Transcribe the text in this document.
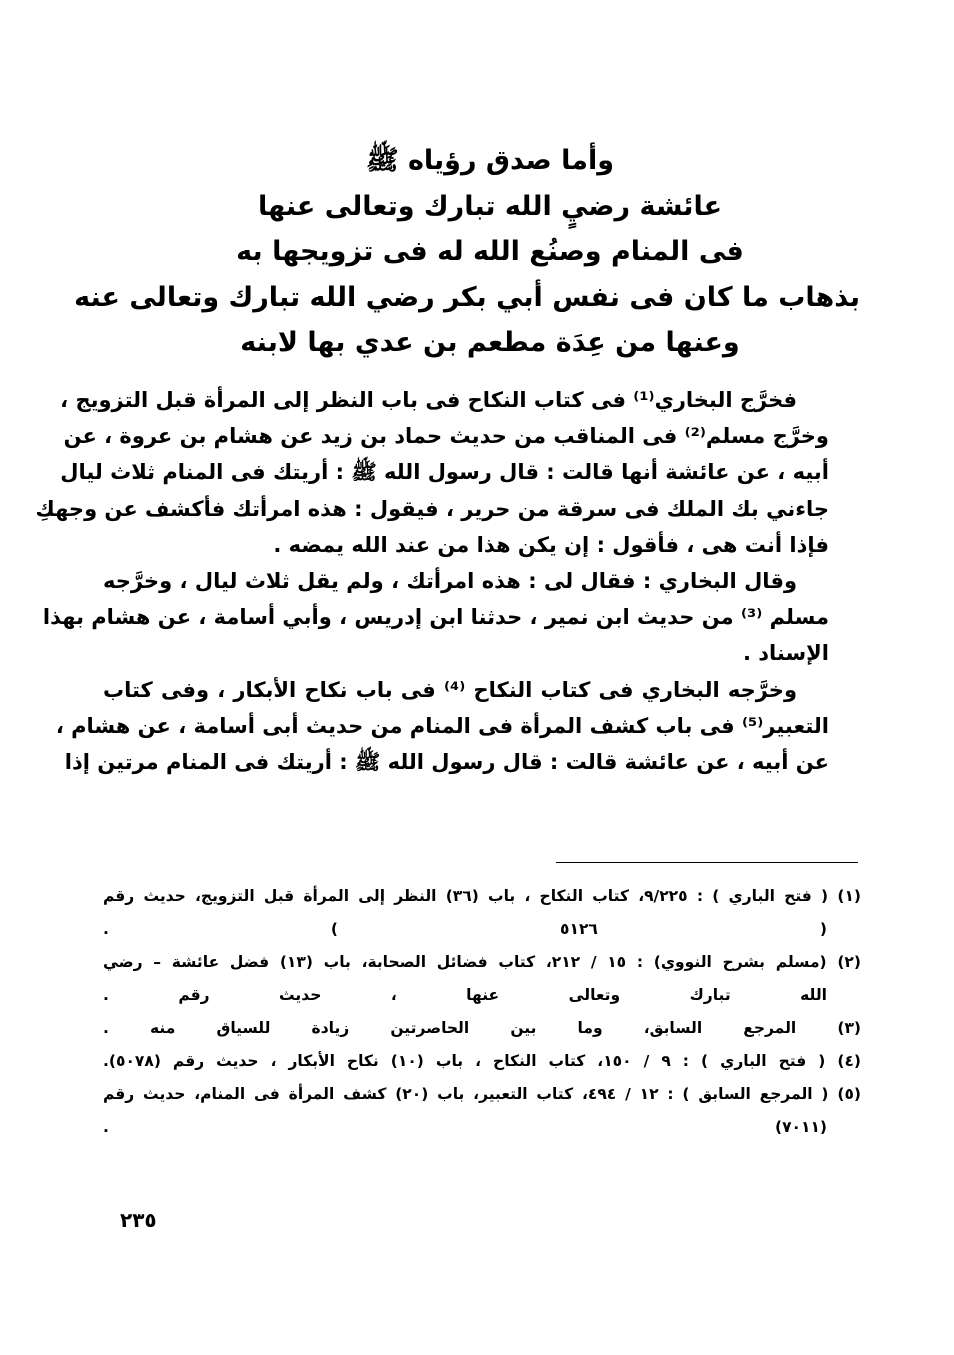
وأما صدق رؤياه ﷺ
عائشة رضيٍ الله تبارك وتعالى عنها
فى المنام وصنُع الله له فى تزويجها به
بذهاب ما كان فى نفس أبي بكر رضي الله تبارك وتعالى عنه
وعنها من عِدَة مطعم بن عدي بها لابنه

فخرَّج البخاري⁽¹⁾ فى كتاب النكاح فى باب النظر إلى المرأة قبل التزويج ،
وخرَّج مسلم⁽²⁾ فى المناقب من حديث حماد بن زيد عن هشام بن عروة ، عن
أبيه ، عن عائشة أنها قالت : قال رسول الله ﷺ : أريتك فى المنام ثلاث ليال
جاءني بك الملك فى سرقة من حرير ، فيقول : هذه امرأتك فأكشف عن وجهكِ
فإذا أنت هى ، فأقول : إن يكن هذا من عند الله يمضه .

وقال البخاري : فقال لى : هذه امرأتك ، ولم يقل ثلاث ليال ، وخرَّجه
مسلم ⁽³⁾ من حديث ابن نمير ، حدثنا ابن إدريس ، وأبي أسامة ، عن هشام بهذا
الإسناد .

وخرَّجه البخاري فى كتاب النكاح ⁽⁴⁾ فى باب نكاح الأبكار ، وفى كتاب
التعبير⁽⁵⁾ فى باب كشف المرأة فى المنام من حديث أبى أسامة ، عن هشام ،
عن أبيه ، عن عائشة قالت : قال رسول الله ﷺ : أريتك فى المنام مرتين إذا

(١) ( فتح الباري ) : ٩/٢٢٥، كتاب النكاح ، باب (٣٦) النظر إلى المرأة قبل التزويج، حديث رقم
( ٥١٢٦ ) .

(٢) (مسلم بشرح النووي) : ١٥ / ٢١٢، كتاب فضائل الصحابة، باب (١٣) فضل عائشة – رضي
الله تبارك وتعالى عنها ، حديث رقم .

(٣) المرجع السابق، وما بين الحاصرتين زيادة للسياق منه .

(٤) ( فتح الباري ) : ٩ / ١٥٠، كتاب النكاح ، باب (١٠) نكاح الأبكار ، حديث رقم (٥٠٧٨).

(٥) ( المرجع السابق ) : ١٢ / ٤٩٤، كتاب التعبير، باب (٢٠) كشف المرأة فى المنام، حديث رقم
(٧٠١١) .

٢٣٥
